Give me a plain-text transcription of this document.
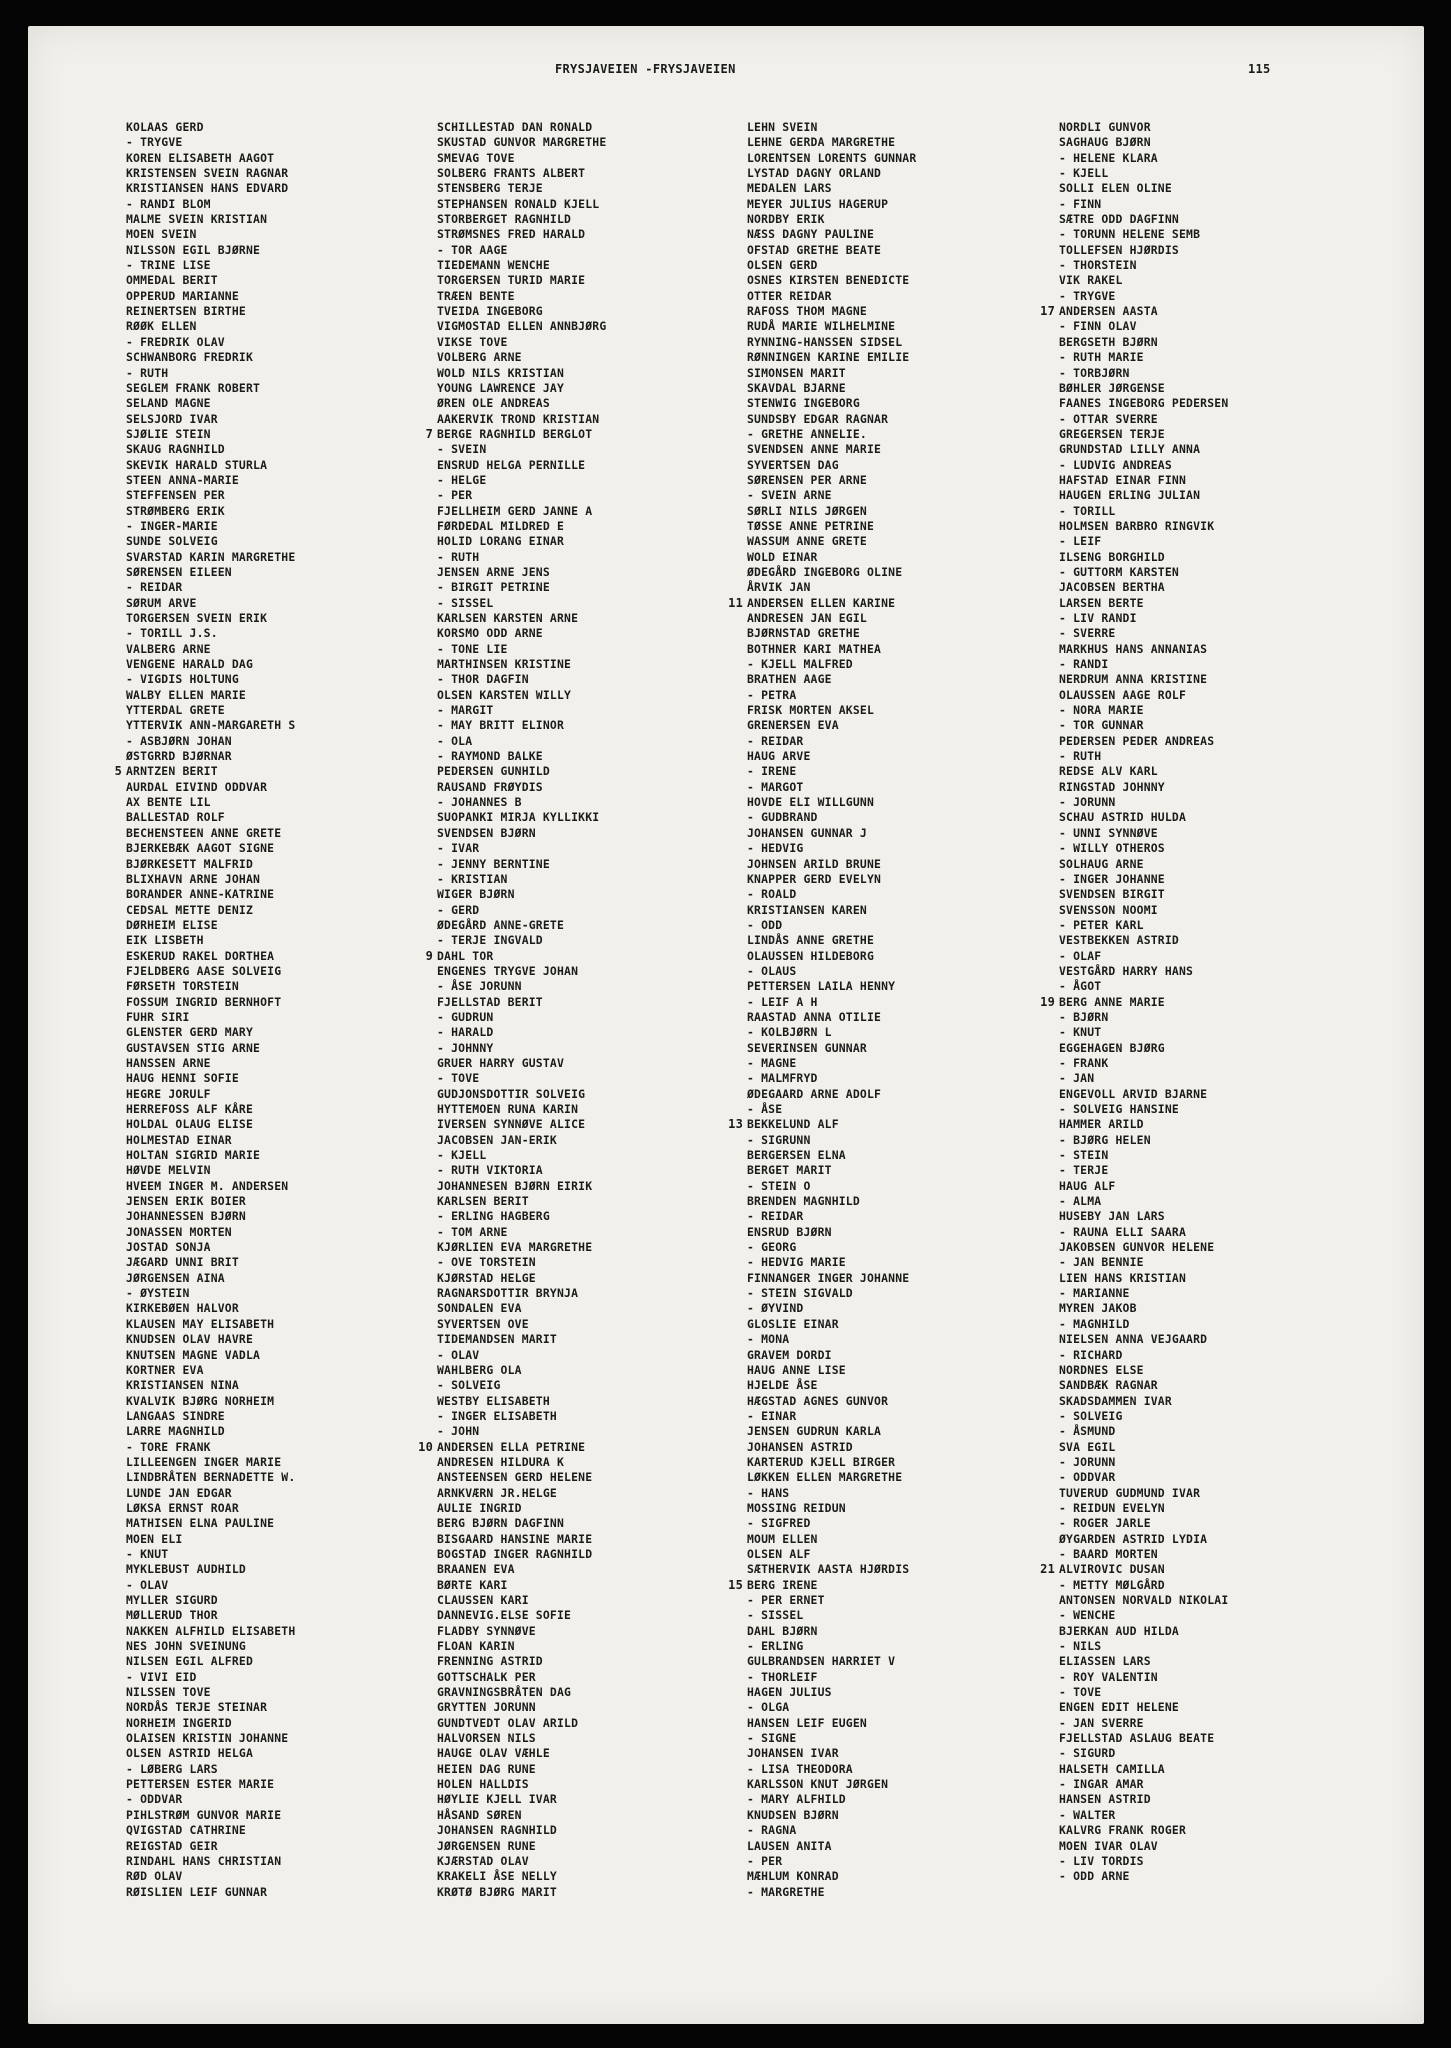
FRYSJAVEIEN -FRYSJAVEIEN	115
KOLAAS GERD
- TRYGVE
KOREN ELISABETH AAGOT
KRISTENSEN SVEIN RAGNAR
KRISTIANSEN HANS EDVARD
- RANDI BLOM
MALME SVEIN KRISTIAN
MOEN SVEIN
NILSSON EGIL BJØRNE
- TRINE LISE
OMMEDAL BERIT
OPPERUD MARIANNE
REINERTSEN BIRTHE
RØØK ELLEN
- FREDRIK OLAV
SCHWANBORG FREDRIK
- RUTH
SEGLEM FRANK ROBERT
SELAND MAGNE
SELSJORD IVAR
SJØLIE STEIN
SKAUG RAGNHILD
SKEVIK HARALD STURLA
STEEN ANNA-MARIE
STEFFENSEN PER
STRØMBERG ERIK
- INGER-MARIE
SUNDE SOLVEIG
SVARSTAD KARIN MARGRETHE
SØRENSEN EILEEN
- REIDAR
SØRUM ARVE
TORGERSEN SVEIN ERIK
- TORILL J.S.
VALBERG ARNE
VENGENE HARALD DAG
- VIGDIS HOLTUNG
WALBY ELLEN MARIE
YTTERDAL GRETE
YTTERVIK ANN-MARGARETH S
- ASBJØRN JOHAN
ØSTGRRD BJØRNAR
5 ARNTZEN BERIT
AURDAL EIVIND ODDVAR
AX BENTE LIL
BALLESTAD ROLF
BECHENSTEEN ANNE GRETE
BJERKEBÆK AAGOT SIGNE
BJØRKESETT MALFRID
BLIXHAVN ARNE JOHAN
BORANDER ANNE-KATRINE
CEDSAL METTE DENIZ
DØRHEIM ELISE
EIK LISBETH
ESKERUD RAKEL DORTHEA
FJELDBERG AASE SOLVEIG
FØRSETH TORSTEIN
FOSSUM INGRID BERNHOFT
FUHR SIRI
GLENSTER GERD MARY
GUSTAVSEN STIG ARNE
HANSSEN ARNE
HAUG HENNI SOFIE
HEGRE JORULF
HERREFOSS ALF KÅRE
HOLDAL OLAUG ELISE
HOLMESTAD EINAR
HOLTAN SIGRID MARIE
HØVDE MELVIN
HVEEM INGER M. ANDERSEN
JENSEN ERIK BOIER
JOHANNESSEN BJØRN
JONASSEN MORTEN
JOSTAD SONJA
JÆGARD UNNI BRIT
JØRGENSEN AINA
- ØYSTEIN
KIRKEBØEN HALVOR
KLAUSEN MAY ELISABETH
KNUDSEN OLAV HAVRE
KNUTSEN MAGNE VADLA
KORTNER EVA
KRISTIANSEN NINA
KVALVIK BJØRG NORHEIM
LANGAAS SINDRE
LARRE MAGNHILD
- TORE FRANK
LILLEENGEN INGER MARIE
LINDBRÅTEN BERNADETTE W.
LUNDE JAN EDGAR
LØKSA ERNST ROAR
MATHISEN ELNA PAULINE
MOEN ELI
- KNUT
MYKLEBUST AUDHILD
- OLAV
MYLLER SIGURD
MØLLERUD THOR
NAKKEN ALFHILD ELISABETH
NES JOHN SVEINUNG
NILSEN EGIL ALFRED
- VIVI EID
NILSSEN TOVE
NORDÅS TERJE STEINAR
NORHEIM INGERID
OLAISEN KRISTIN JOHANNE
OLSEN ASTRID HELGA
- LØBERG LARS
PETTERSEN ESTER MARIE
- ODDVAR
PIHLSTRØM GUNVOR MARIE
QVIGSTAD CATHRINE
REIGSTAD GEIR
RINDAHL HANS CHRISTIAN
RØD OLAV
RØISLIEN LEIF GUNNAR
SCHILLESTAD DAN RONALD
SKUSTAD GUNVOR MARGRETHE
SMEVAG TOVE
SOLBERG FRANTS ALBERT
STENSBERG TERJE
STEPHANSEN RONALD KJELL
STORBERGET RAGNHILD
STRØMSNES FRED HARALD
- TOR AAGE
TIEDEMANN WENCHE
TORGERSEN TURID MARIE
TRÆEN BENTE
TVEIDA INGEBORG
VIGMOSTAD ELLEN ANNBJØRG
VIKSE TOVE
VOLBERG ARNE
WOLD NILS KRISTIAN
YOUNG LAWRENCE JAY
ØREN OLE ANDREAS
AAKERVIK TROND KRISTIAN
7 BERGE RAGNHILD BERGLOT
- SVEIN
ENSRUD HELGA PERNILLE
- HELGE
- PER
FJELLHEIM GERD JANNE A
FØRDEDAL MILDRED E
HOLID LORANG EINAR
- RUTH
JENSEN ARNE JENS
- BIRGIT PETRINE
- SISSEL
KARLSEN KARSTEN ARNE
KORSMO ODD ARNE
- TONE LIE
MARTHINSEN KRISTINE
- THOR DAGFIN
OLSEN KARSTEN WILLY
- MARGIT
- MAY BRITT ELINOR
- OLA
- RAYMOND BALKE
PEDERSEN GUNHILD
RAUSAND FRØYDIS
- JOHANNES B
SUOPANKI MIRJA KYLLIKKI
SVENDSEN BJØRN
- IVAR
- JENNY BERNTINE
- KRISTIAN
WIGER BJØRN
- GERD
ØDEGÅRD ANNE-GRETE
- TERJE INGVALD
9 DAHL TOR
ENGENES TRYGVE JOHAN
- ÅSE JORUNN
FJELLSTAD BERIT
- GUDRUN
- HARALD
- JOHNNY
GRUER HARRY GUSTAV
- TOVE
GUDJONSDOTTIR SOLVEIG
HYTTEMOEN RUNA KARIN
IVERSEN SYNNØVE ALICE
JACOBSEN JAN-ERIK
- KJELL
- RUTH VIKTORIA
JOHANNESEN BJØRN EIRIK
KARLSEN BERIT
- ERLING HAGBERG
- TOM ARNE
KJØRLIEN EVA MARGRETHE
- OVE TORSTEIN
KJØRSTAD HELGE
RAGNARSDOTTIR BRYNJA
SONDALEN EVA
SYVERTSEN OVE
TIDEMANDSEN MARIT
- OLAV
WAHLBERG OLA
- SOLVEIG
WESTBY ELISABETH
- INGER ELISABETH
- JOHN
10 ANDERSEN ELLA PETRINE
ANDRESEN HILDURA K
ANSTEENSEN GERD HELENE
ARNKVÆRN JR.HELGE
AULIE INGRID
BERG BJØRN DAGFINN
BISGAARD HANSINE MARIE
BOGSTAD INGER RAGNHILD
BRAANEN EVA
BØRTE KARI
CLAUSSEN KARI
DANNEVIG.ELSE SOFIE
FLADBY SYNNØVE
FLOAN KARIN
FRENNING ASTRID
GOTTSCHALK PER
GRAVNINGSBRÅTEN DAG
GRYTTEN JORUNN
GUNDTVEDT OLAV ARILD
HALVORSEN NILS
HAUGE OLAV VÆHLE
HEIEN DAG RUNE
HOLEN HALLDIS
HØYLIE KJELL IVAR
HÅSAND SØREN
JOHANSEN RAGNHILD
JØRGENSEN RUNE
KJÆRSTAD OLAV
KRAKELI ÅSE NELLY
KRØTØ BJØRG MARIT
LEHN SVEIN
LEHNE GERDA MARGRETHE
LORENTSEN LORENTS GUNNAR
LYSTAD DAGNY ORLAND
MEDALEN LARS
MEYER JULIUS HAGERUP
NORDBY ERIK
NÆSS DAGNY PAULINE
OFSTAD GRETHE BEATE
OLSEN GERD
OSNES KIRSTEN BENEDICTE
OTTER REIDAR
RAFOSS THOM MAGNE
RUDÅ MARIE WILHELMINE
RYNNING-HANSSEN SIDSEL
RØNNINGEN KARINE EMILIE
SIMONSEN MARIT
SKAVDAL BJARNE
STENWIG INGEBORG
SUNDSBY EDGAR RAGNAR
- GRETHE ANNELIE.
SVENDSEN ANNE MARIE
SYVERTSEN DAG
SØRENSEN PER ARNE
- SVEIN ARNE
SØRLI NILS JØRGEN
TØSSE ANNE PETRINE
WASSUM ANNE GRETE
WOLD EINAR
ØDEGÅRD INGEBORG OLINE
ÅRVIK JAN
11 ANDERSEN ELLEN KARINE
ANDRESEN JAN EGIL
BJØRNSTAD GRETHE
BOTHNER KARI MATHEA
- KJELL MALFRED
BRATHEN AAGE
- PETRA
FRISK MORTEN AKSEL
GRENERSEN EVA
- REIDAR
HAUG ARVE
- IRENE
- MARGOT
HOVDE ELI WILLGUNN
- GUDBRAND
JOHANSEN GUNNAR J
- HEDVIG
JOHNSEN ARILD BRUNE
KNAPPER GERD EVELYN
- ROALD
KRISTIANSEN KAREN
- ODD
LINDÅS ANNE GRETHE
OLAUSSEN HILDEBORG
- OLAUS
PETTERSEN LAILA HENNY
- LEIF A H
RAASTAD ANNA OTILIE
- KOLBJØRN L
SEVERINSEN GUNNAR
- MAGNE
- MALMFRYD
ØDEGAARD ARNE ADOLF
- ÅSE
13 BEKKELUND ALF
- SIGRUNN
BERGERSEN ELNA
BERGET MARIT
- STEIN O
BRENDEN MAGNHILD
- REIDAR
ENSRUD BJØRN
- GEORG
- HEDVIG MARIE
FINNANGER INGER JOHANNE
- STEIN SIGVALD
- ØYVIND
GLOSLIE EINAR
- MONA
GRAVEM DORDI
HAUG ANNE LISE
HJELDE ÅSE
HÆGSTAD AGNES GUNVOR
- EINAR
JENSEN GUDRUN KARLA
JOHANSEN ASTRID
KARTERUD KJELL BIRGER
LØKKEN ELLEN MARGRETHE
- HANS
MOSSING REIDUN
- SIGFRED
MOUM ELLEN
OLSEN ALF
SÆTHERVIK AASTA HJØRDIS
15 BERG IRENE
- PER ERNET
- SISSEL
DAHL BJØRN
- ERLING
GULBRANDSEN HARRIET V
- THORLEIF
HAGEN JULIUS
- OLGA
HANSEN LEIF EUGEN
- SIGNE
JOHANSEN IVAR
- LISA THEODORA
KARLSSON KNUT JØRGEN
- MARY ALFHILD
KNUDSEN BJØRN
- RAGNA
LAUSEN ANITA
- PER
MÆHLUM KONRAD
- MARGRETHE
NORDLI GUNVOR
SAGHAUG BJØRN
- HELENE KLARA
- KJELL
SOLLI ELEN OLINE
- FINN
SÆTRE ODD DAGFINN
- TORUNN HELENE SEMB
TOLLEFSEN HJØRDIS
- THORSTEIN
VIK RAKEL
- TRYGVE
17 ANDERSEN AASTA
- FINN OLAV
BERGSETH BJØRN
- RUTH MARIE
- TORBJØRN
BØHLER JØRGENSE
FAANES INGEBORG PEDERSEN
- OTTAR SVERRE
GREGERSEN TERJE
GRUNDSTAD LILLY ANNA
- LUDVIG ANDREAS
HAFSTAD EINAR FINN
HAUGEN ERLING JULIAN
- TORILL
HOLMSEN BARBRO RINGVIK
- LEIF
ILSENG BORGHILD
- GUTTORM KARSTEN
JACOBSEN BERTHA
LARSEN BERTE
- LIV RANDI
- SVERRE
MARKHUS HANS ANNANIAS
- RANDI
NERDRUM ANNA KRISTINE
OLAUSSEN AAGE ROLF
- NORA MARIE
- TOR GUNNAR
PEDERSEN PEDER ANDREAS
- RUTH
REDSE ALV KARL
RINGSTAD JOHNNY
- JORUNN
SCHAU ASTRID HULDA
- UNNI SYNNØVE
- WILLY OTHEROS
SOLHAUG ARNE
- INGER JOHANNE
SVENDSEN BIRGIT
SVENSSON NOOMI
- PETER KARL
VESTBEKKEN ASTRID
- OLAF
VESTGÅRD HARRY HANS
- ÅGOT
19 BERG ANNE MARIE
- BJØRN
- KNUT
EGGEHAGEN BJØRG
- FRANK
- JAN
ENGEVOLL ARVID BJARNE
- SOLVEIG HANSINE
HAMMER ARILD
- BJØRG HELEN
- STEIN
- TERJE
HAUG ALF
- ALMA
HUSEBY JAN LARS
- RAUNA ELLI SAARA
JAKOBSEN GUNVOR HELENE
- JAN BENNIE
LIEN HANS KRISTIAN
- MARIANNE
MYREN JAKOB
- MAGNHILD
NIELSEN ANNA VEJGAARD
- RICHARD
NORDNES ELSE
SANDBÆK RAGNAR
SKADSDAMMEN IVAR
- SOLVEIG
- ÅSMUND
SVA EGIL
- JORUNN
- ODDVAR
TUVERUD GUDMUND IVAR
- REIDUN EVELYN
- ROGER JARLE
ØYGARDEN ASTRID LYDIA
- BAARD MORTEN
21 ALVIROVIC DUSAN
- METTY MØLGÅRD
ANTONSEN NORVALD NIKOLAI
- WENCHE
BJERKAN AUD HILDA
- NILS
ELIASSEN LARS
- ROY VALENTIN
- TOVE
ENGEN EDIT HELENE
- JAN SVERRE
FJELLSTAD ASLAUG BEATE
- SIGURD
HALSETH CAMILLA
- INGAR AMAR
HANSEN ASTRID
- WALTER
KALVRG FRANK ROGER
MOEN IVAR OLAV
- LIV TORDIS
- ODD ARNE
